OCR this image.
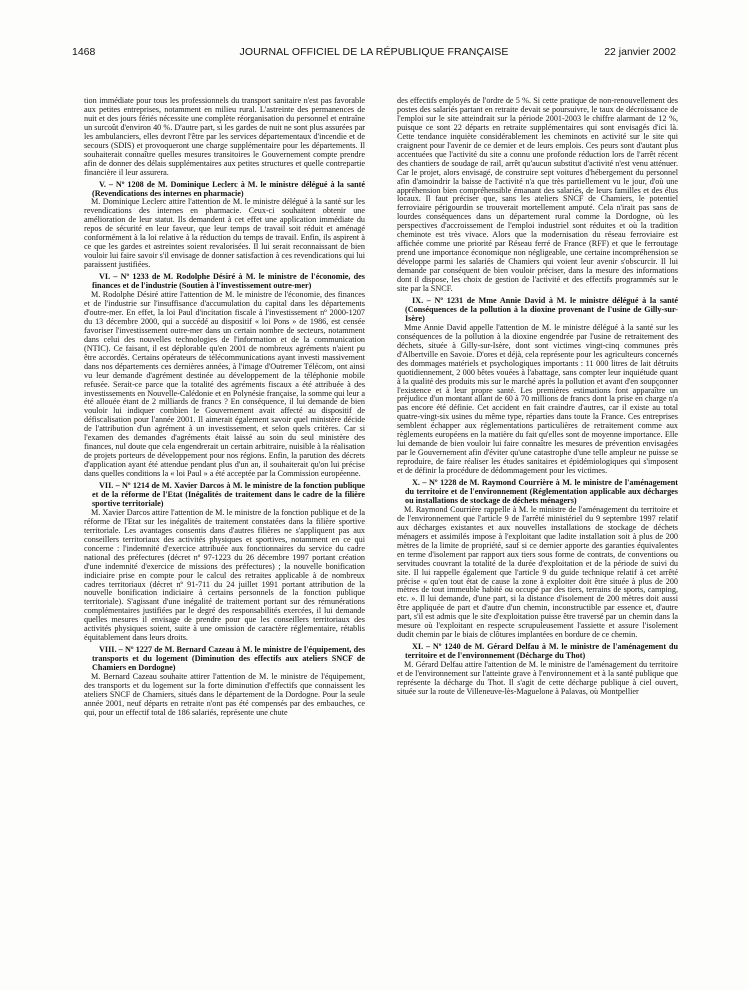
1468	JOURNAL OFFICIEL DE LA RÉPUBLIQUE FRANÇAISE	22 janvier 2002

tion immédiate pour tous les professionnels du transport sanitaire n'est pas favorable aux petites entreprises, notamment en milieu rural. L'astreinte des permanences de nuit et des jours fériés nécessite une complète réorganisation du personnel et entraîne un surcoût d'environ 40 %. D'autre part, si les gardes de nuit ne sont plus assurées par les ambulanciers, elles devront l'être par les services départementaux d'incendie et de secours (SDIS) et provoqueront une charge supplémentaire pour les départements. Il souhaiterait connaître quelles mesures transitoires le Gouvernement compte prendre afin de donner des délais supplémentaires aux petites structures et quelle contrepartie financière il leur assurera.

V. – Nº 1208 de M. Dominique Leclerc à M. le ministre délégué à la santé (Revendications des internes en pharmacie)

M. Dominique Leclerc attire l'attention de M. le ministre délégué à la santé sur les revendications des internes en pharmacie. Ceux-ci souhaitent obtenir une amélioration de leur statut. Ils demandent à cet effet une application immédiate du repos de sécurité en leur faveur, que leur temps de travail soit réduit et aménagé conformément à la loi relative à la réduction du temps de travail. Enfin, ils aspirent à ce que les gardes et astreintes soient revalorisées. Il lui serait reconnaissant de bien vouloir lui faire savoir s'il envisage de donner satisfaction à ces revendications qui lui paraissent justifiées.

VI. – Nº 1233 de M. Rodolphe Désiré à M. le ministre de l'économie, des finances et de l'industrie (Soutien à l'investissement outre-mer)

M. Rodolphe Désiré attire l'attention de M. le ministre de l'économie, des finances et de l'industrie sur l'insuffisance d'accumulation du capital dans les départements d'outre-mer. En effet, la loi Paul d'incitation fiscale à l'investissement nº 2000-1207 du 13 décembre 2000, qui a succédé au dispositif « loi Pons » de 1986, est censée favoriser l'investissement outre-mer dans un certain nombre de secteurs, notamment dans celui des nouvelles technologies de l'information et de la communication (NTIC). Ce faisant, il est déplorable qu'en 2001 de nombreux agréments n'aient pu être accordés. Certains opérateurs de télécommunications ayant investi massivement dans nos départements ces dernières années, à l'image d'Outremer Télécom, ont ainsi vu leur demande d'agrément destinée au développement de la téléphonie mobile refusée. Serait-ce parce que la totalité des agréments fiscaux a été attribuée à des investissements en Nouvelle-Calédonie et en Polynésie française, la somme qui leur a été allouée étant de 2 milliards de francs ? En conséquence, il lui demande de bien vouloir lui indiquer combien le Gouvernement avait affecté au dispositif de défiscalisation pour l'année 2001. Il aimerait également savoir quel ministère décide de l'attribution d'un agrément à un investissement, et selon quels critères. Car si l'examen des demandes d'agréments était laissé au soin du seul ministère des finances, nul doute que cela engendrerait un certain arbitraire, nuisible à la réalisation de projets porteurs de développement pour nos régions. Enfin, la parution des décrets d'application ayant été attendue pendant plus d'un an, il souhaiterait qu'on lui précise dans quelles conditions la « loi Paul » a été acceptée par la Commission européenne.

VII. – Nº 1214 de M. Xavier Darcos à M. le ministre de la fonction publique et de la réforme de l'Etat (Inégalités de traitement dans le cadre de la filière sportive territoriale)

M. Xavier Darcos attire l'attention de M. le ministre de la fonction publique et de la réforme de l'Etat sur les inégalités de traitement constatées dans la filière sportive territoriale. Les avantages consentis dans d'autres filières ne s'appliquent pas aux conseillers territoriaux des activités physiques et sportives, notamment en ce qui concerne : l'indemnité d'exercice attribuée aux fonctionnaires du service du cadre national des préfectures (décret nº 97-1223 du 26 décembre 1997 portant création d'une indemnité d'exercice de missions des préfectures) ; la nouvelle bonification indiciaire prise en compte pour le calcul des retraites applicable à de nombreux cadres territoriaux (décret nº 91-711 du 24 juillet 1991 portant attribution de la nouvelle bonification indiciaire à certains personnels de la fonction publique territoriale). S'agissant d'une inégalité de traitement portant sur des rémunérations complémentaires justifiées par le degré des responsabilités exercées, il lui demande quelles mesures il envisage de prendre pour que les conseillers territoriaux des activités physiques soient, suite à une omission de caractère réglementaire, rétablis équitablement dans leurs droits.

VIII. – Nº 1227 de M. Bernard Cazeau à M. le ministre de l'équipement, des transports et du logement (Diminution des effectifs aux ateliers SNCF de Chamiers en Dordogne)

M. Bernard Cazeau souhaite attirer l'attention de M. le ministre de l'équipement, des transports et du logement sur la forte diminution d'effectifs que connaissent les ateliers SNCF de Chamiers, situés dans le département de la Dordogne. Pour la seule année 2001, neuf départs en retraite n'ont pas été compensés par des embauches, ce qui, pour un effectif total de 186 salariés, représente une chute

des effectifs employés de l'ordre de 5 %. Si cette pratique de non-renouvellement des postes des salariés partant en retraite devait se poursuivre, le taux de décroissance de l'emploi sur le site atteindrait sur la période 2001-2003 le chiffre alarmant de 12 %, puisque ce sont 22 départs en retraite supplémentaires qui sont envisagés d'ici là. Cette tendance inquiète considérablement les cheminots en activité sur le site qui craignent pour l'avenir de ce dernier et de leurs emplois. Ces peurs sont d'autant plus accentuées que l'activité du site a connu une profonde réduction lors de l'arrêt récent des chantiers de soudage de rail, arrêt qu'aucun substitut d'activité n'est venu atténuer. Car le projet, alors envisagé, de construire sept voitures d'hébergement du personnel afin d'amoindrir la baisse de l'activité n'a que très partiellement vu le jour, d'où une appréhension bien compréhensible émanant des salariés, de leurs familles et des élus locaux. Il faut préciser que, sans les ateliers SNCF de Chamiers, le potentiel ferroviaire périgourdin se trouverait mortellement amputé. Cela n'irait pas sans de lourdes conséquences dans un département rural comme la Dordogne, où les perspectives d'accroissement de l'emploi industriel sont réduites et où la tradition cheminote est très vivace. Alors que la modernisation du réseau ferroviaire est affichée comme une priorité par Réseau ferré de France (RFF) et que le ferroutage prend une importance économique non négligeable, une certaine incompréhension se développe parmi les salariés de Chamiers qui voient leur avenir s'obscurcir. Il lui demande par conséquent de bien vouloir préciser, dans la mesure des informations dont il dispose, les choix de gestion de l'activité et des effectifs programmés sur le site par la SNCF.

IX. – Nº 1231 de Mme Annie David à M. le ministre délégué à la santé (Conséquences de la pollution à la dioxine provenant de l'usine de Gilly-sur-Isère)

Mme Annie David appelle l'attention de M. le ministre délégué à la santé sur les conséquences de la pollution à la dioxine engendrée par l'usine de retraitement des déchets, située à Gilly-sur-Isère, dont sont victimes vingt-cinq communes près d'Albertville en Savoie. D'ores et déjà, cela représente pour les agriculteurs concernés des dommages matériels et psychologiques importants : 11 000 litres de lait détruits quotidiennement, 2 000 bêtes vouées à l'abattage, sans compter leur inquiétude quant à la qualité des produits mis sur le marché après la pollution et avant d'en soupçonner l'existence et à leur propre santé. Les premières estimations font apparaître un préjudice d'un montant allant de 60 à 70 millions de francs dont la prise en charge n'a pas encore été définie. Cet accident en fait craindre d'autres, car il existe au total quatre-vingt-six usines du même type, réparties dans toute la France. Ces entreprises semblent échapper aux réglementations particulières de retraitement comme aux règlements européens en la matière du fait qu'elles sont de moyenne importance. Elle lui demande de bien vouloir lui faire connaître les mesures de prévention envisagées par le Gouvernement afin d'éviter qu'une catastrophe d'une telle ampleur ne puisse se reproduire, de faire réaliser les études sanitaires et épidémiologiques qui s'imposent et de définir la procédure de dédommagement pour les victimes.

X. – Nº 1228 de M. Raymond Courrière à M. le ministre de l'aménagement du territoire et de l'environnement (Réglementation applicable aux décharges ou installations de stockage de déchets ménagers)

M. Raymond Courrière rappelle à M. le ministre de l'aménagement du territoire et de l'environnement que l'article 9 de l'arrêté ministériel du 9 septembre 1997 relatif aux décharges existantes et aux nouvelles installations de stockage de déchets ménagers et assimilés impose à l'exploitant que ladite installation soit à plus de 200 mètres de la limite de propriété, sauf si ce dernier apporte des garanties équivalentes en terme d'isolement par rapport aux tiers sous forme de contrats, de conventions ou servitudes couvrant la totalité de la durée d'exploitation et de la période de suivi du site. Il lui rappelle également que l'article 9 du guide technique relatif à cet arrêté précise « qu'en tout état de cause la zone à exploiter doit être située à plus de 200 mètres de tout immeuble habité ou occupé par des tiers, terrains de sports, camping, etc. ». Il lui demande, d'une part, si la distance d'isolement de 200 mètres doit aussi être appliquée de part et d'autre d'un chemin, inconstructible par essence et, d'autre part, s'il est admis que le site d'exploitation puisse être traversé par un chemin dans la mesure où l'exploitant en respecte scrupuleusement l'assiette et assure l'isolement dudit chemin par le biais de clôtures implantées en bordure de ce chemin.

XI. – Nº 1240 de M. Gérard Delfau à M. le ministre de l'aménagement du territoire et de l'environnement (Décharge du Thot)

M. Gérard Delfau attire l'attention de M. le ministre de l'aménagement du territoire et de l'environnement sur l'atteinte grave à l'environnement et à la santé publique que représente la décharge du Thot. Il s'agit de cette décharge publique à ciel ouvert, située sur la route de Villeneuve-lès-Maguelone à Palavas, où Montpellier
